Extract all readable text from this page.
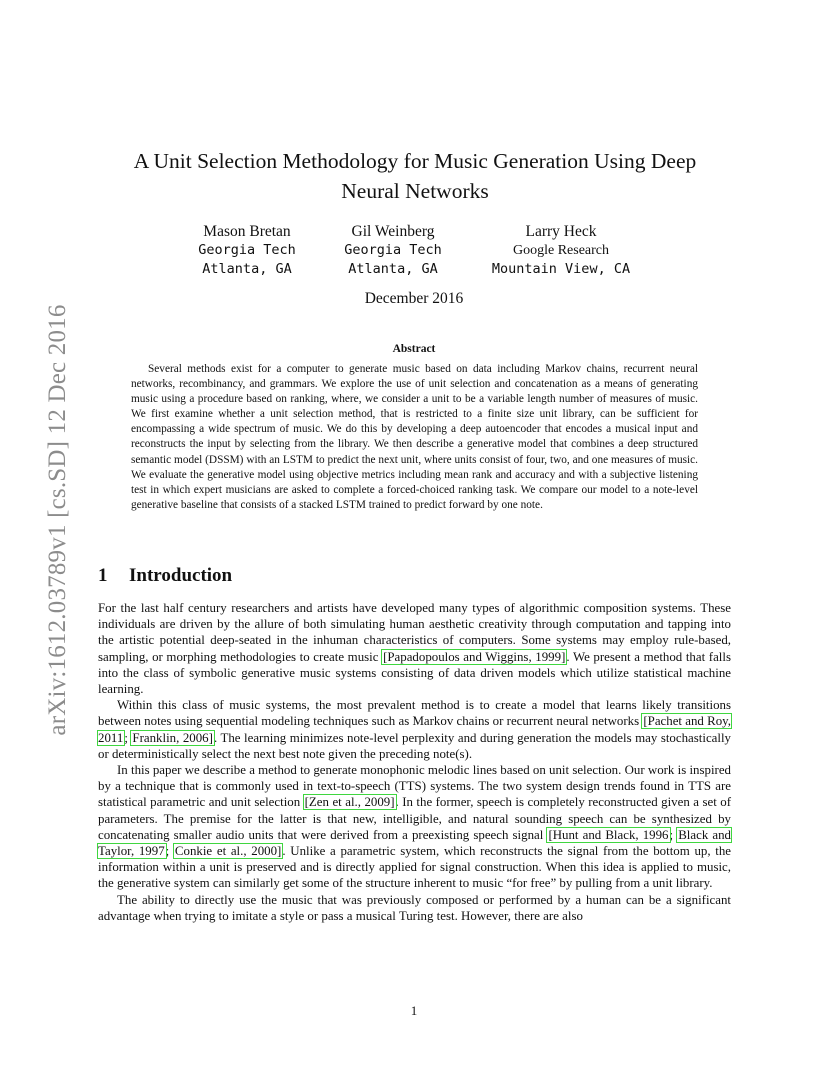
arXiv:1612.03789v1 [cs.SD] 12 Dec 2016
A Unit Selection Methodology for Music Generation Using Deep
Neural Networks
Mason Bretan
Georgia Tech
Atlanta, GA
Gil Weinberg
Georgia Tech
Atlanta, GA
Larry Heck
Google Research
Mountain View, CA
December 2016
Abstract
Several methods exist for a computer to generate music based on data including Markov chains, recurrent neural networks, recombinancy, and grammars. We explore the use of unit selection and concatenation as a means of generating music using a procedure based on ranking, where, we consider a unit to be a variable length number of measures of music. We first examine whether a unit selection method, that is restricted to a finite size unit library, can be sufficient for encompassing a wide spectrum of music. We do this by developing a deep autoencoder that encodes a musical input and reconstructs the input by selecting from the library. We then describe a generative model that combines a deep structured semantic model (DSSM) with an LSTM to predict the next unit, where units consist of four, two, and one measures of music. We evaluate the generative model using objective metrics including mean rank and accuracy and with a subjective listening test in which expert musicians are asked to complete a forced-choiced ranking task. We compare our model to a note-level generative baseline that consists of a stacked LSTM trained to predict forward by one note.
1 Introduction

For the last half century researchers and artists have developed many types of algorithmic composition systems. These individuals are driven by the allure of both simulating human aesthetic creativity through computation and tapping into the artistic potential deep-seated in the inhuman characteristics of computers. Some systems may employ rule-based, sampling, or morphing methodologies to create music [Papadopoulos and Wiggins, 1999]. We present a method that falls into the class of symbolic generative music systems consisting of data driven models which utilize statistical machine learning.

Within this class of music systems, the most prevalent method is to create a model that learns likely transitions between notes using sequential modeling techniques such as Markov chains or recurrent neural networks [Pachet and Roy, 2011; Franklin, 2006]. The learning minimizes note-level perplexity and during generation the models may stochastically or deterministically select the next best note given the preceding note(s).

In this paper we describe a method to generate monophonic melodic lines based on unit selection. Our work is inspired by a technique that is commonly used in text-to-speech (TTS) systems. The two system design trends found in TTS are statistical parametric and unit selection [Zen et al., 2009]. In the former, speech is completely reconstructed given a set of parameters. The premise for the latter is that new, intelligible, and natural sounding speech can be synthesized by concatenating smaller audio units that were derived from a preexisting speech signal [Hunt and Black, 1996; Black and Taylor, 1997; Conkie et al., 2000]. Unlike a parametric system, which reconstructs the signal from the bottom up, the information within a unit is preserved and is directly applied for signal construction. When this idea is applied to music, the generative system can similarly get some of the structure inherent to music “for free” by pulling from a unit library.

The ability to directly use the music that was previously composed or performed by a human can be a significant advantage when trying to imitate a style or pass a musical Turing test. However, there are also

1
